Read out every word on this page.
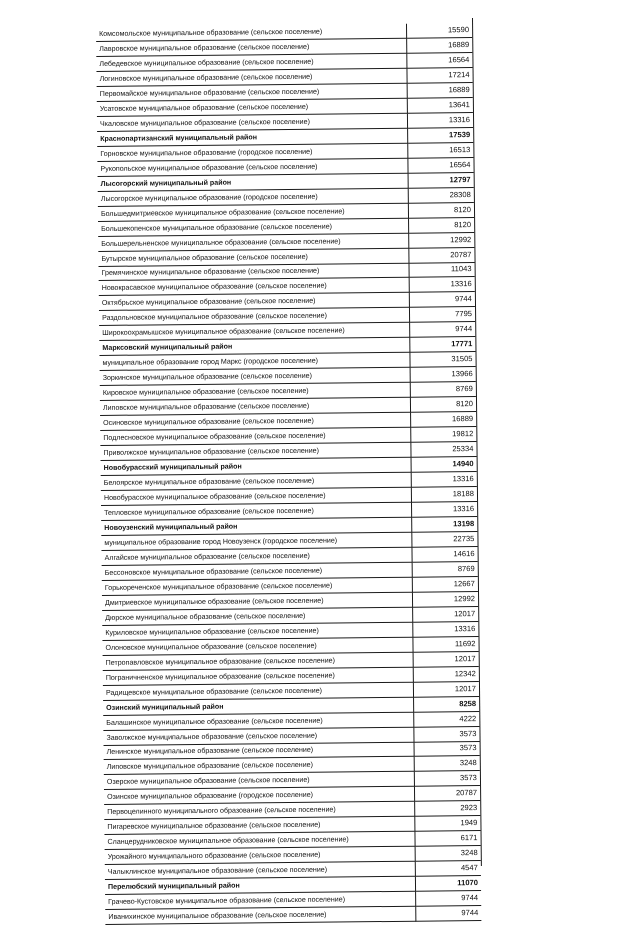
Комсомольское муниципальное образование (сельское поселение)	15590
Лавровское муниципальное образование (сельское поселение)	16889
Лебедевское муниципальное образование (сельское поселение)	16564
Логиновское муниципальное образование (сельское поселение)	17214
Первомайское муниципальное образование (сельское поселение)	16889
Усатовское муниципальное образование (сельское поселение)	13641
Чкаловское муниципальное образование (сельское поселение)	13316
Краснопартизанский муниципальный район	17539
Горновское муниципальное образование (городское поселение)	16513
Рукопольское муниципальное образование (сельское поселение)	16564
Лысогорский муниципальный район	12797
Лысогорское муниципальное образование (городское поселение)	28308
Большедмитриевское муниципальное образование (сельское поселение)	8120
Большекопенское муниципальное образование (сельское поселение)	8120
Большерельненское муниципальное образование (сельское поселение)	12992
Бутырское муниципальное образование (сельское поселение)	20787
Гремячинское муниципальное образование (сельское поселение)	11043
Новокрасавское муниципальное образование (сельское поселение)	13316
Октябрьское муниципальное образование (сельское поселение)	9744
Раздольновское муниципальное образование (сельское поселение)	7795
Широкоохрамышское муниципальное образование (сельское поселение)	9744
Марксовский муниципальный район	17771
муниципальное образование город Маркс (городское поселение)	31505
Зоркинское муниципальное образование (сельское поселение)	13966
Кировское муниципальное образование (сельское поселение)	8769
Липовское муниципальное образование (сельское поселение)	8120
Осиновское муниципальное образование (сельское поселение)	16889
Подлесновское муниципальное образование (сельское поселение)	19812
Приволжское муниципальное образование (сельское поселение)	25334
Новобурасский муниципальный район	14940
Белоярское муниципальное образование (сельское поселение)	13316
Новобурасское муниципальное образование (сельское поселение)	18188
Тепловское муниципальное образование (сельское поселение)	13316
Новоузенский муниципальный район	13198
муниципальное образование город Новоузенск (городское поселение)	22735
Алгайское муниципальное образование (сельское поселение)	14616
Бессоновское муниципальное образование (сельское поселение)	8769
Горькореченское муниципальное образование (сельское поселение)	12667
Дмитриевское муниципальное образование (сельское поселение)	12992
Дюрское муниципальное образование (сельское поселение)	12017
Куриловское муниципальное образование (сельское поселение)	13316
Олоновское муниципальное образование (сельское поселение)	11692
Петропавловское муниципальное образование (сельское поселение)	12017
Пограничненское муниципальное образование (сельское поселение)	12342
Радищевское муниципальное образование (сельское поселение)	12017
Озинский муниципальный район	8258
Балашинское муниципальное образование (сельское поселение)	4222
Заволжское муниципальное образование (сельское поселение)	3573
Ленинское муниципальное образование (сельское поселение)	3573
Липовское муниципальное образование (сельское поселение)	3248
Озерское муниципальное образование (сельское поселение)	3573
Озинское муниципальное образование (городское поселение)	20787
Первоцелинного муниципального образование (сельское поселение)	2923
Пигаревское муниципальное образование (сельское поселение)	1949
Сланцерудниковское муниципальное образование (сельское поселение)	6171
Урожайного муниципального образование (сельское поселение)	3248
Чалыклинское муниципальное образование (сельское поселение)	4547
Перелюбский муниципальный район	11070
Грачево-Кустовское муниципальное образование (сельское поселение)	9744
Иванихинское муниципальное образование (сельское поселение)	9744
